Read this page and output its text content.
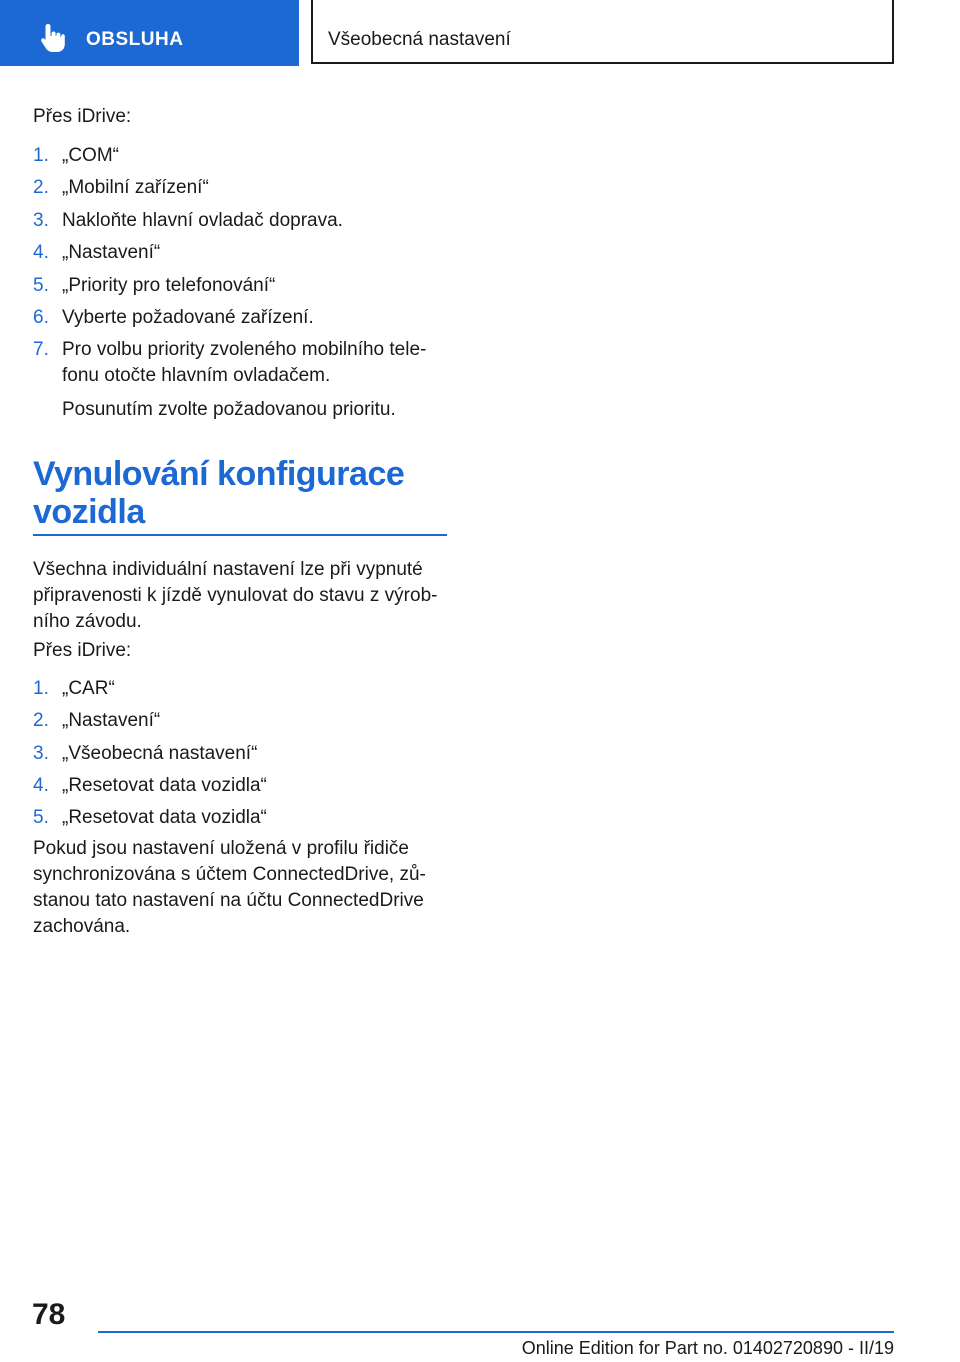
OBSLUHA	Všeobecná nastavení
Přes iDrive:
1. „COM“
2. „Mobilní zařízení“
3. Nakloňte hlavní ovladač doprava.
4. „Nastavení“
5. „Priority pro telefonování“
6. Vyberte požadované zařízení.
7. Pro volbu priority zvoleného mobilního telefonu otočte hlavním ovladačem.
Posunutím zvolte požadovanou prioritu.
Vynulování konfigurace vozidla
Všechna individuální nastavení lze při vypnuté připravenosti k jízdě vynulovat do stavu z výrobního závodu.
Přes iDrive:
1. „CAR“
2. „Nastavení“
3. „Všeobecná nastavení“
4. „Resetovat data vozidla“
5. „Resetovat data vozidla“
Pokud jsou nastavení uložená v profilu řidiče synchronizována s účtem ConnectedDrive, zůstanou tato nastavení na účtu ConnectedDrive zachována.
78
Online Edition for Part no. 01402720890 - II/19
